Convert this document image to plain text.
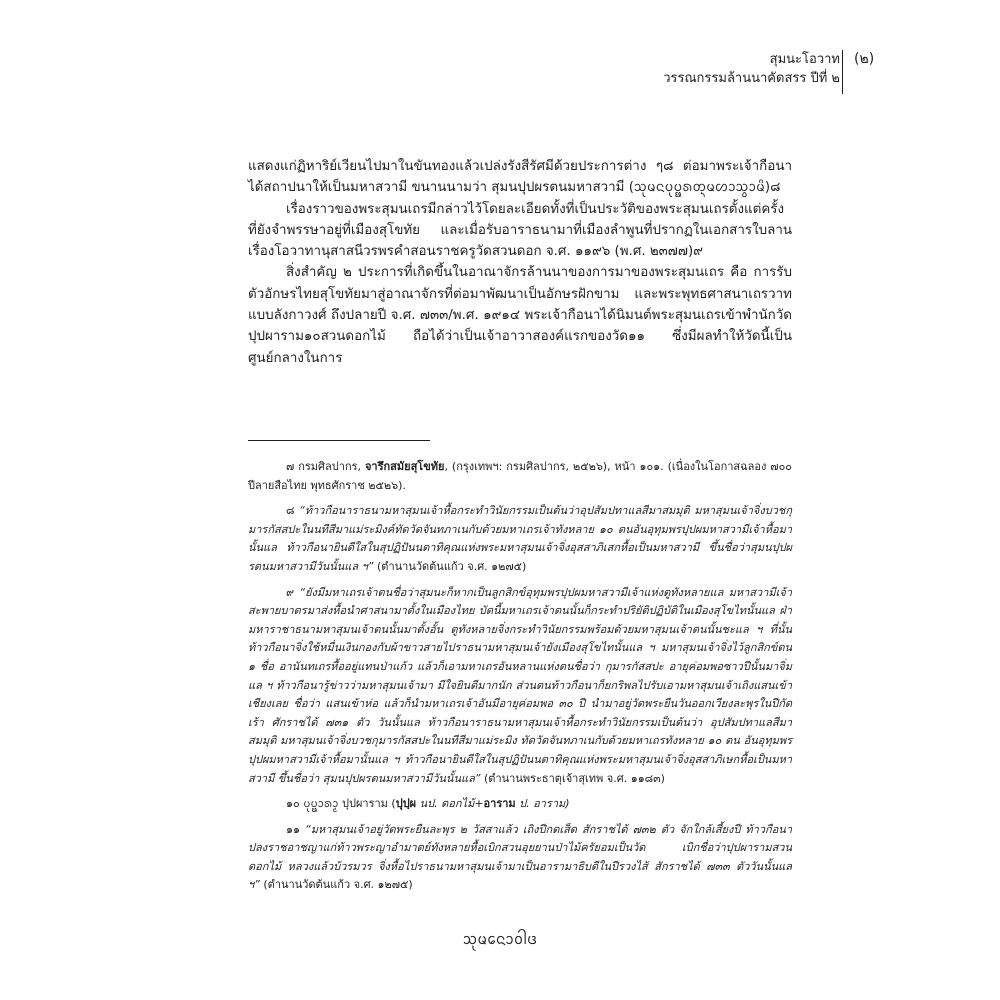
สุมนะโอวาท
วรรณกรรมล้านนาคัดสรร ปีที่ ๒
(๒)

แสดงแก่ฏิหาริย์เวียนไปมาในขันทองแล้วเปล่งรังสีรัศมีด้วยประการต่าง ๆ๘ ต่อมาพระเจ้ากือนาได้สถาปนาให้เป็นมหาสวามี ขนานนามว่า สุมนปุปผรตนมหาสวามี (ᩈᩩᨾᨶᨷᩩᨷ᩠ᨹᩁᨲ᩠ᨶᨾᩉᩣᩈ᩠ᩅᩣᨾᩦ)๘

เรื่องราวของพระสุมนเถรมีกล่าวไว้โดยละเอียดทั้งที่เป็นประวัติของพระสุมนเถรตั้งแต่ครั้งที่ยังจำพรรษาอยู่ที่เมืองสุโขทัย และเมื่อรับอาราธนามาที่เมืองลำพูนที่ปรากฏในเอกสารใบลานเรื่องโอวาทานุสาสนีวรพรคำสอนราชครูวัดสวนดอก จ.ศ. ๑๑๙๖ (พ.ศ. ๒๓๗๗)๙

สิ่งสำคัญ ๒ ประการที่เกิดขึ้นในอาณาจักรล้านนาของการมาของพระสุมนเถร คือ การรับตัวอักษรไทยสุโขทัยมาสู่อาณาจักรที่ต่อมาพัฒนาเป็นอักษรฝักขาม และพระพุทธศาสนาเถรวาทแบบลังกาวงศ์ ถึงปลายปี จ.ศ. ๗๓๓/พ.ศ. ๑๙๑๔ พระเจ้ากือนาได้นิมนต์พระสุมนเถรเข้าพำนักวัดปุปผาราม๑๐สวนดอกไม้ ถือได้ว่าเป็นเจ้าอาวาสองค์แรกของวัด๑๑ ซึ่งมีผลทำให้วัดนี้เป็นศูนย์กลางในการ

๗ กรมศิลปากร, จารึกสมัยสุโขทัย, (กรุงเทพฯ: กรมศิลปากร, ๒๕๒๖), หน้า ๑๐๑. (เนื่องในโอกาสฉลอง ๗๐๐ ปีลายสือไทย พุทธศักราช ๒๕๒๖).

๘ “ท้าวกือนาราธนามหาสุมนเจ้าหื้อกระทำวินัยกรรมเป็นต้นว่าอุปสัมปทาแลสีมาสมมุติ มหาสุมนเจ้าจิ่งบวชกุมารกัสสปะในนทีสีมาแม่ระมิงค์ทัดวัดจันทภาเนกับด้วยมหาเถรเจ้าทังหลาย ๑๐ ตนอันอุทุมพรปุปผมหาสวามีเจ้าหื้อมานั้นแล ท้าวกือนายินดีใสในสุปฏิปันนตาทิคุณแห่งพระมหาสุมนเจ้าจิ่งอุสสาภิเสกหื้อเป็นมหาสวามี ขึ้นชื่อว่าสุมนปุปผรตนมหาสวามีวันนั้นแล ฯ” (ตำนานวัดต้นแก้ว จ.ศ. ๑๒๗๕)

๙ “ยังมีมหาเถรเจ้าตนชื่อว่าสุมนะก็หากเป็นลูกสิกข์อุทุมพรปุปผมหาสวามีเจ้าแห่งตูทังหลายแล มหาสวามีเจ้าสะพายบาตรมาส่งหื้อนำศาสนามาตั้งในเมืองไทย บัดนี้มหาเถรเจ้าตนนั้นก็กระทำปริยัติปฏิบัติในเมืองสุโขไทนั้นแล ฝ่ามหาราชาธนามหาสุมนเจ้าตนนั้นมาตั้งอั้น ตูทังหลายจิ่งกระทำวินัยกรรมพร้อมด้วยมหาสุมนเจ้าตนนั้นชะแล ฯ ที่นั้นท้าวกือนาจิ่งใช้หมื่นเงินกองกับผ้าขาวสายไปราธนามหาสุมนเจ้ายังเมืองสุโขไทนั้นแล ฯ มหาสุมนเจ้าจิ่งไว้ลูกสิกข์ตน ๑ ชื่อ อานันทเถรหื้ออยู่แทนป่าแก้ว แล้วก็เอามหาเถรอันหลานแห่งตนชื่อว่า กุมารกัสสปะ อายุค่อมพอซาวปีนั้นมาจิ่มแล ฯ ท้าวกือนารู้ข่าวว่ามหาสุมนเจ้ามา มีใจยินดีมากนัก ส่วนตนท้าวกือนาก็ยกริพลไปรับเอามหาสุมนเจ้าเถิงแสนเข้าเชียงเลย ชื่อว่า แสนเข้าห่อ แล้วก็นำมหาเถรเจ้าอันมีอายุค่อมพอ ๓๐ ปี นำมาอยู่วัดพระยืนวันออกเวียงละพุรในปีกัดเร้า ศักราชได้ ๗๓๑ ตัว วันนั้นแล ท้าวกือนาราธนามหาสุมนเจ้าหื้อกระทำวินัยกรรมเป็นต้นว่า อุปสัมปทาแลสีมาสมมุติ มหาสุมนเจ้าจิ่งบวชกุมารกัสสปะในนทีสีมาแม่ระมิง ทัดวัดจันทภาเนกับด้วยมหาเถรทังหลาย ๑๐ ตน อันอุทุมพรปุปผมหาสวามีเจ้าหื้อมานั้นแล ฯ ท้าวกือนายินดีใสในสุปฏิปันนตาทิคุณแห่งพระมหาสุมนเจ้าจิ่งอุสสาภิเษกหื้อเป็นมหาสวามี ขึ้นชื่อว่า สุมนปุปผรตนมหาสวามีวันนั้นแล” (ตำนานพระธาตุเจ้าสุเทพ จ.ศ. ๑๑๘๓)

๑๐ ᨷᩩᨷ᩠ᨹᩣᩁᩣ᩠ᨾ ปุปผาราม (ปุปฺผ นป. ดอกไม้+อาราม ป. อาราม)

๑๑ “มหาสุมนเจ้าอยู่วัดพระยืนละพุร ๒ วัสสาแล้ว เถิงปีกดเส็ด สักราชได้ ๗๓๒ ตัว จักใกล้เสี้ยงปี ท้าวกือนาปลงราชอาชญาแก่ท้าวพระญาอำมาตย์ทังหลายหื้อเบิกสวนอุยยานป่าไม้ครัยอมเป็นวัด เบิกชื่อว่าปุปผารามสวนดอกไม้ หลวงแล้วบ้วรมวร จิ่งหื้อไปราธนามหาสุมนเจ้ามาเป็นอารามาธิบดีในปีรวงไส้ สักราชได้ ๗๓๓ ตัววันนั้นแล ฯ” (ตำนานวัดต้นแก้ว จ.ศ. ๑๒๗๕)

ᩈᩩᨾᨶᩮᩣᩅᩤᨴ
